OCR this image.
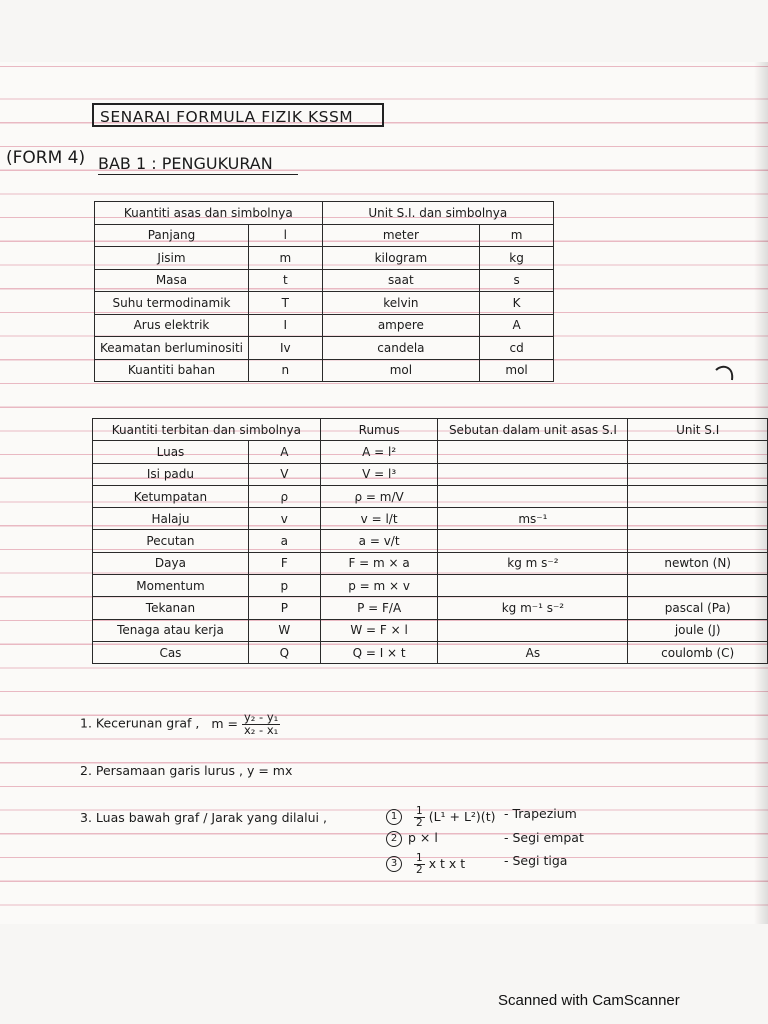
SENARAI FORMULA FIZIK KSSM
(FORM 4) BAB 1 : PENGUKURAN
Kuantiti asas dan simbolnya		Unit S.I. dan simbolnya	
Panjang	l	meter	m
Jisim	m	kilogram	kg
Masa	t	saat	s
Suhu termodinamik	T	kelvin	K
Arus elektrik	I	ampere	A
Keamatan berluminositi	Iv	candela	cd
Kuantiti bahan	n	mol	mol
Kuantiti terbitan dan simbolnya		Rumus	Sebutan dalam unit asas S.I	Unit S.I
Luas	A	A = l²		
Isi padu	V	V = l³		
Ketumpatan	ρ	ρ = m/V		
Halaju	v	v = l/t	ms⁻¹	
Pecutan	a	a = v/t		
Daya	F	F = m × a	kg m s⁻²	newton (N)
Momentum	p	p = m × v		
Tekanan	P	P = F/A	kg m⁻¹ s⁻²	pascal (Pa)
Tenaga atau kerja	W	W = F × l		joule (J)
Cas	Q	Q = I × t	As	coulomb (C)
1. Kecerunan graf , $m = \frac{\text{y₂ - y₁}}{\text{x₂ - x₁}}$
2. Persamaan garis lurus , y = mx
3. Luas bawah graf / Jarak yang dilalui ,	$1 \frac{1}{2} (L^1 + L^2)(t)$ - Trapezium
2 p × l	- Segi empat
$3 \frac{1}{2}$ x t x t	- Segi tiga
Scanned with CamScanner
